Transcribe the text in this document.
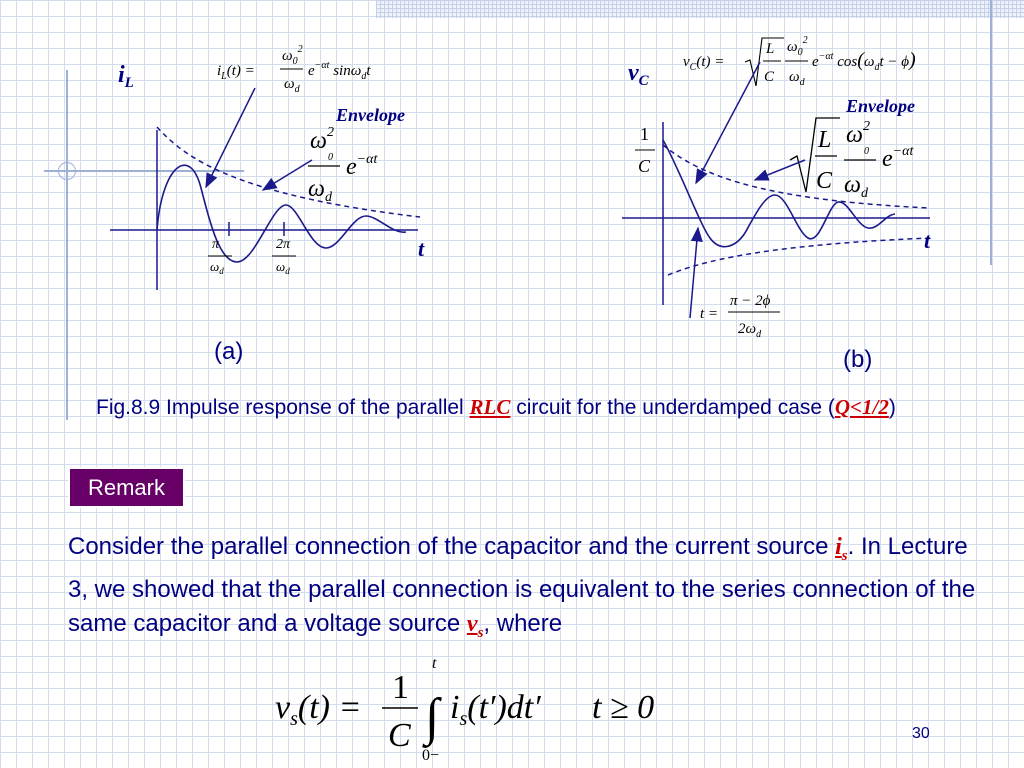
$i_L$
t
Envelope
π
$\omega_d$
2π
$\omega_d$
$i_L(t)$ =
$\omega_0^2$
$\omega_d$
$e^{-\alpha t}$ sinω$_d$t
$\omega^2$
0
$\omega_d$
$e^{-\alpha t}$
$v_C$
t
Envelope
1
C
$v_C(t)$ =
L
C
$\omega_0^2$
$\omega_d$
$e^{-\alpha t}$ $\cos(\omega_dt - \phi)$
L
C
$\omega^2$
0
$\omega_d$
$e^{-\alpha t}$
t =
π − 2ϕ
$2\omega_d$
$v_s(t)$ =
1
C ∫
t
0−
$i_s(t')dt'$ t ≥ 0
(a)	(b)
Fig.8.9 Impulse response of the parallel RLC circuit for the underdamped case (Q<1/2)
Remark
Consider the parallel connection of the capacitor and the current source $i_s$. In Lecture 3, we showed that the parallel connection is equivalent to the series connection of the same capacitor and a voltage source $v_s$, where
30
